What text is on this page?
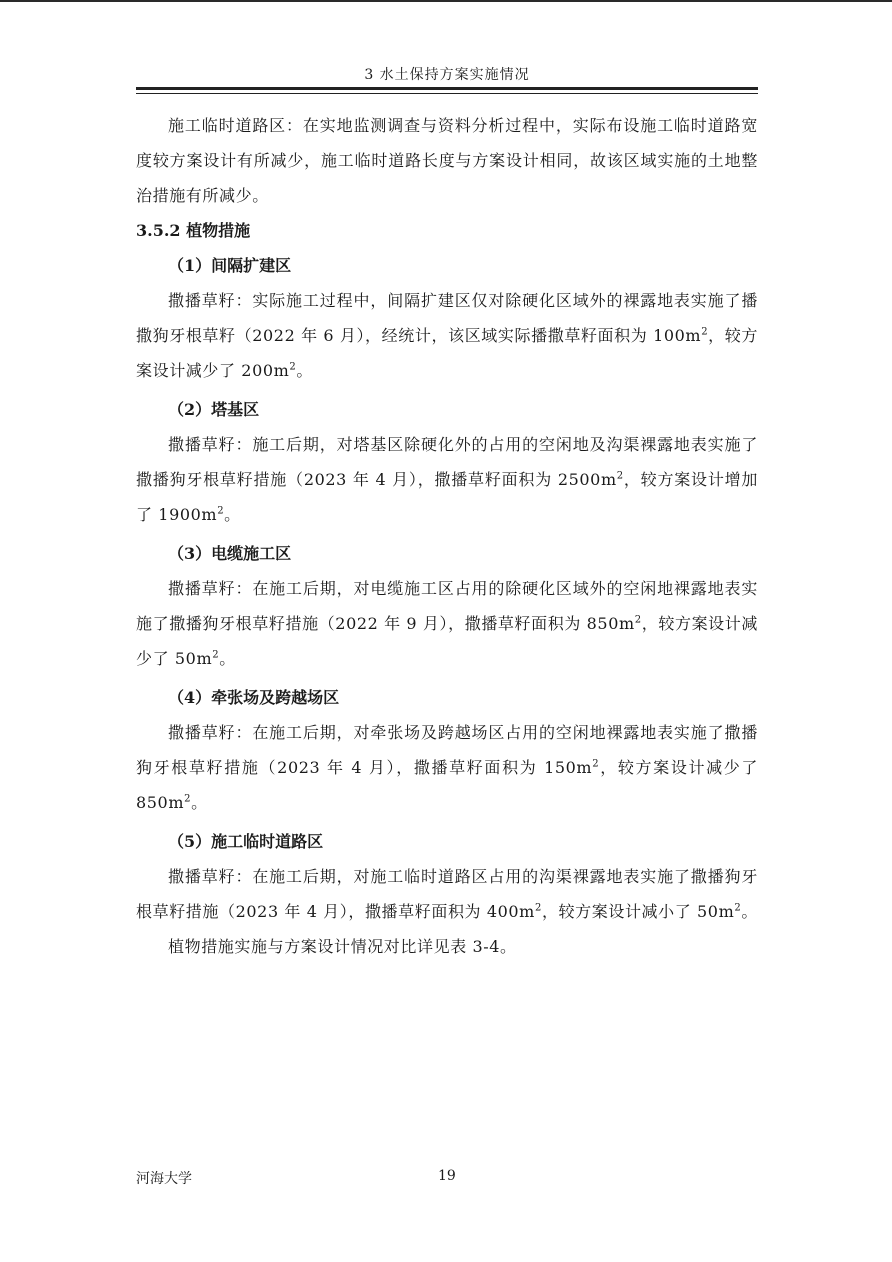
3 水土保持方案实施情况

施工临时道路区：在实地监测调查与资料分析过程中，实际布设施工临时道路宽度较方案设计有所减少，施工临时道路长度与方案设计相同，故该区域实施的土地整治措施有所减少。

3.5.2 植物措施
（1）间隔扩建区

撒播草籽：实际施工过程中，间隔扩建区仅对除硬化区域外的裸露地表实施了播撒狗牙根草籽（2022 年 6 月），经统计，该区域实际播撒草籽面积为 $100m^2$，较方案设计减少了 $200m^2$。

（2）塔基区

撒播草籽：施工后期，对塔基区除硬化外的占用的空闲地及沟渠裸露地表实施了撒播狗牙根草籽措施（2023 年 4 月），撒播草籽面积为 $2500m^2$，较方案设计增加了 $1900m^2$。

（3）电缆施工区

撒播草籽：在施工后期，对电缆施工区占用的除硬化区域外的空闲地裸露地表实施了撒播狗牙根草籽措施（2022 年 9 月），撒播草籽面积为 $850m^2$，较方案设计减少了 $50m^2$。

（4）牵张场及跨越场区

撒播草籽：在施工后期，对牵张场及跨越场区占用的空闲地裸露地表实施了撒播狗牙根草籽措施（2023 年 4 月），撒播草籽面积为 $150m^2$，较方案设计减少了 $850m^2$。

（5）施工临时道路区

撒播草籽：在施工后期，对施工临时道路区占用的沟渠裸露地表实施了撒播狗牙根草籽措施（2023 年 4 月），撒播草籽面积为 $400m^2$，较方案设计减小了 $50m^2$。

植物措施实施与方案设计情况对比详见表 3-4。

河海大学	19
